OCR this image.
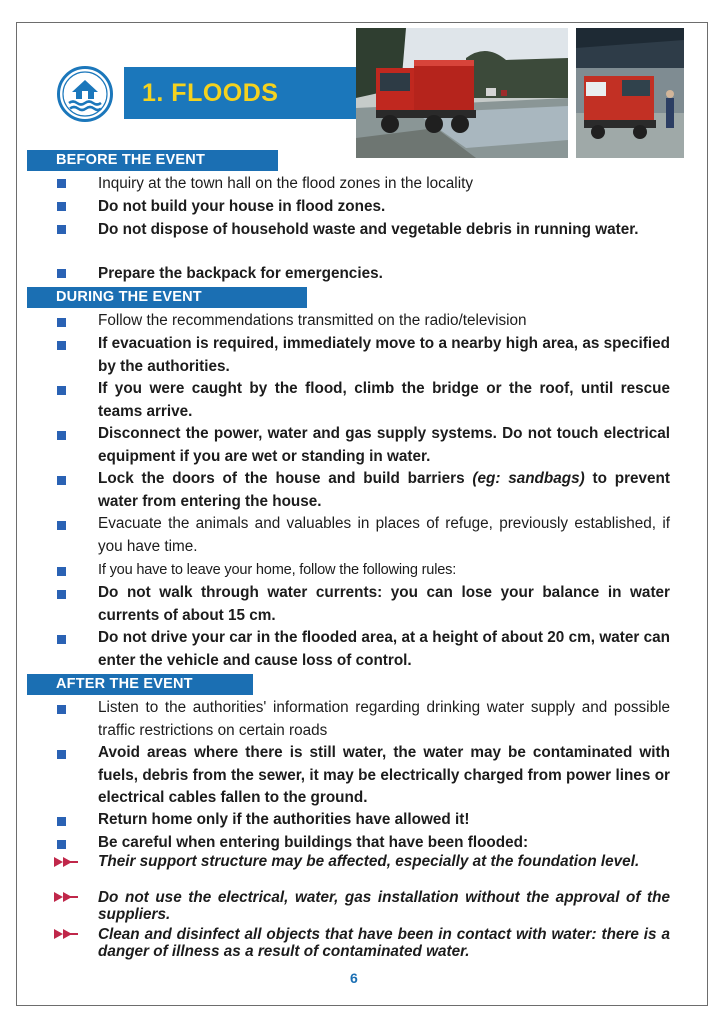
1. FLOODS
BEFORE THE EVENT
Inquiry at the town hall on the flood zones in the locality
Do not build your house in flood zones.
Do not dispose of household waste and vegetable debris in running water.
Prepare the backpack for emergencies.
DURING THE EVENT
Follow the recommendations transmitted on the radio/television
If evacuation is required, immediately move to a nearby high area, as specified by the authorities.
If you were caught by the flood, climb the bridge or the roof, until rescue teams arrive.
Disconnect the power, water and gas supply systems. Do not touch electrical equipment if you are wet or standing in water.
Lock the doors of the house and build barriers (eg: sandbags) to prevent water from entering the house.
Evacuate the animals and valuables in places of refuge, previously established, if you have time.
If you have to leave your home, follow the following rules:
Do not walk through water currents: you can lose your balance in water currents of about 15 cm.
Do not drive your car in the flooded area, at a height of about 20 cm, water can enter the vehicle and cause loss of control.
AFTER THE EVENT
Listen to the authorities' information regarding drinking water supply and possible traffic restrictions on certain roads
Avoid areas where there is still water, the water may be contaminated with fuels, debris from the sewer, it may be electrically charged from power lines or electrical cables fallen to the ground.
Return home only if the authorities have allowed it!
Be careful when entering buildings that have been flooded:
Their support structure may be affected, especially at the foundation level.
Do not use the electrical, water, gas installation without the approval of the suppliers.
Clean and disinfect all objects that have been in contact with water: there is a danger of illness as a result of contaminated water.
6
